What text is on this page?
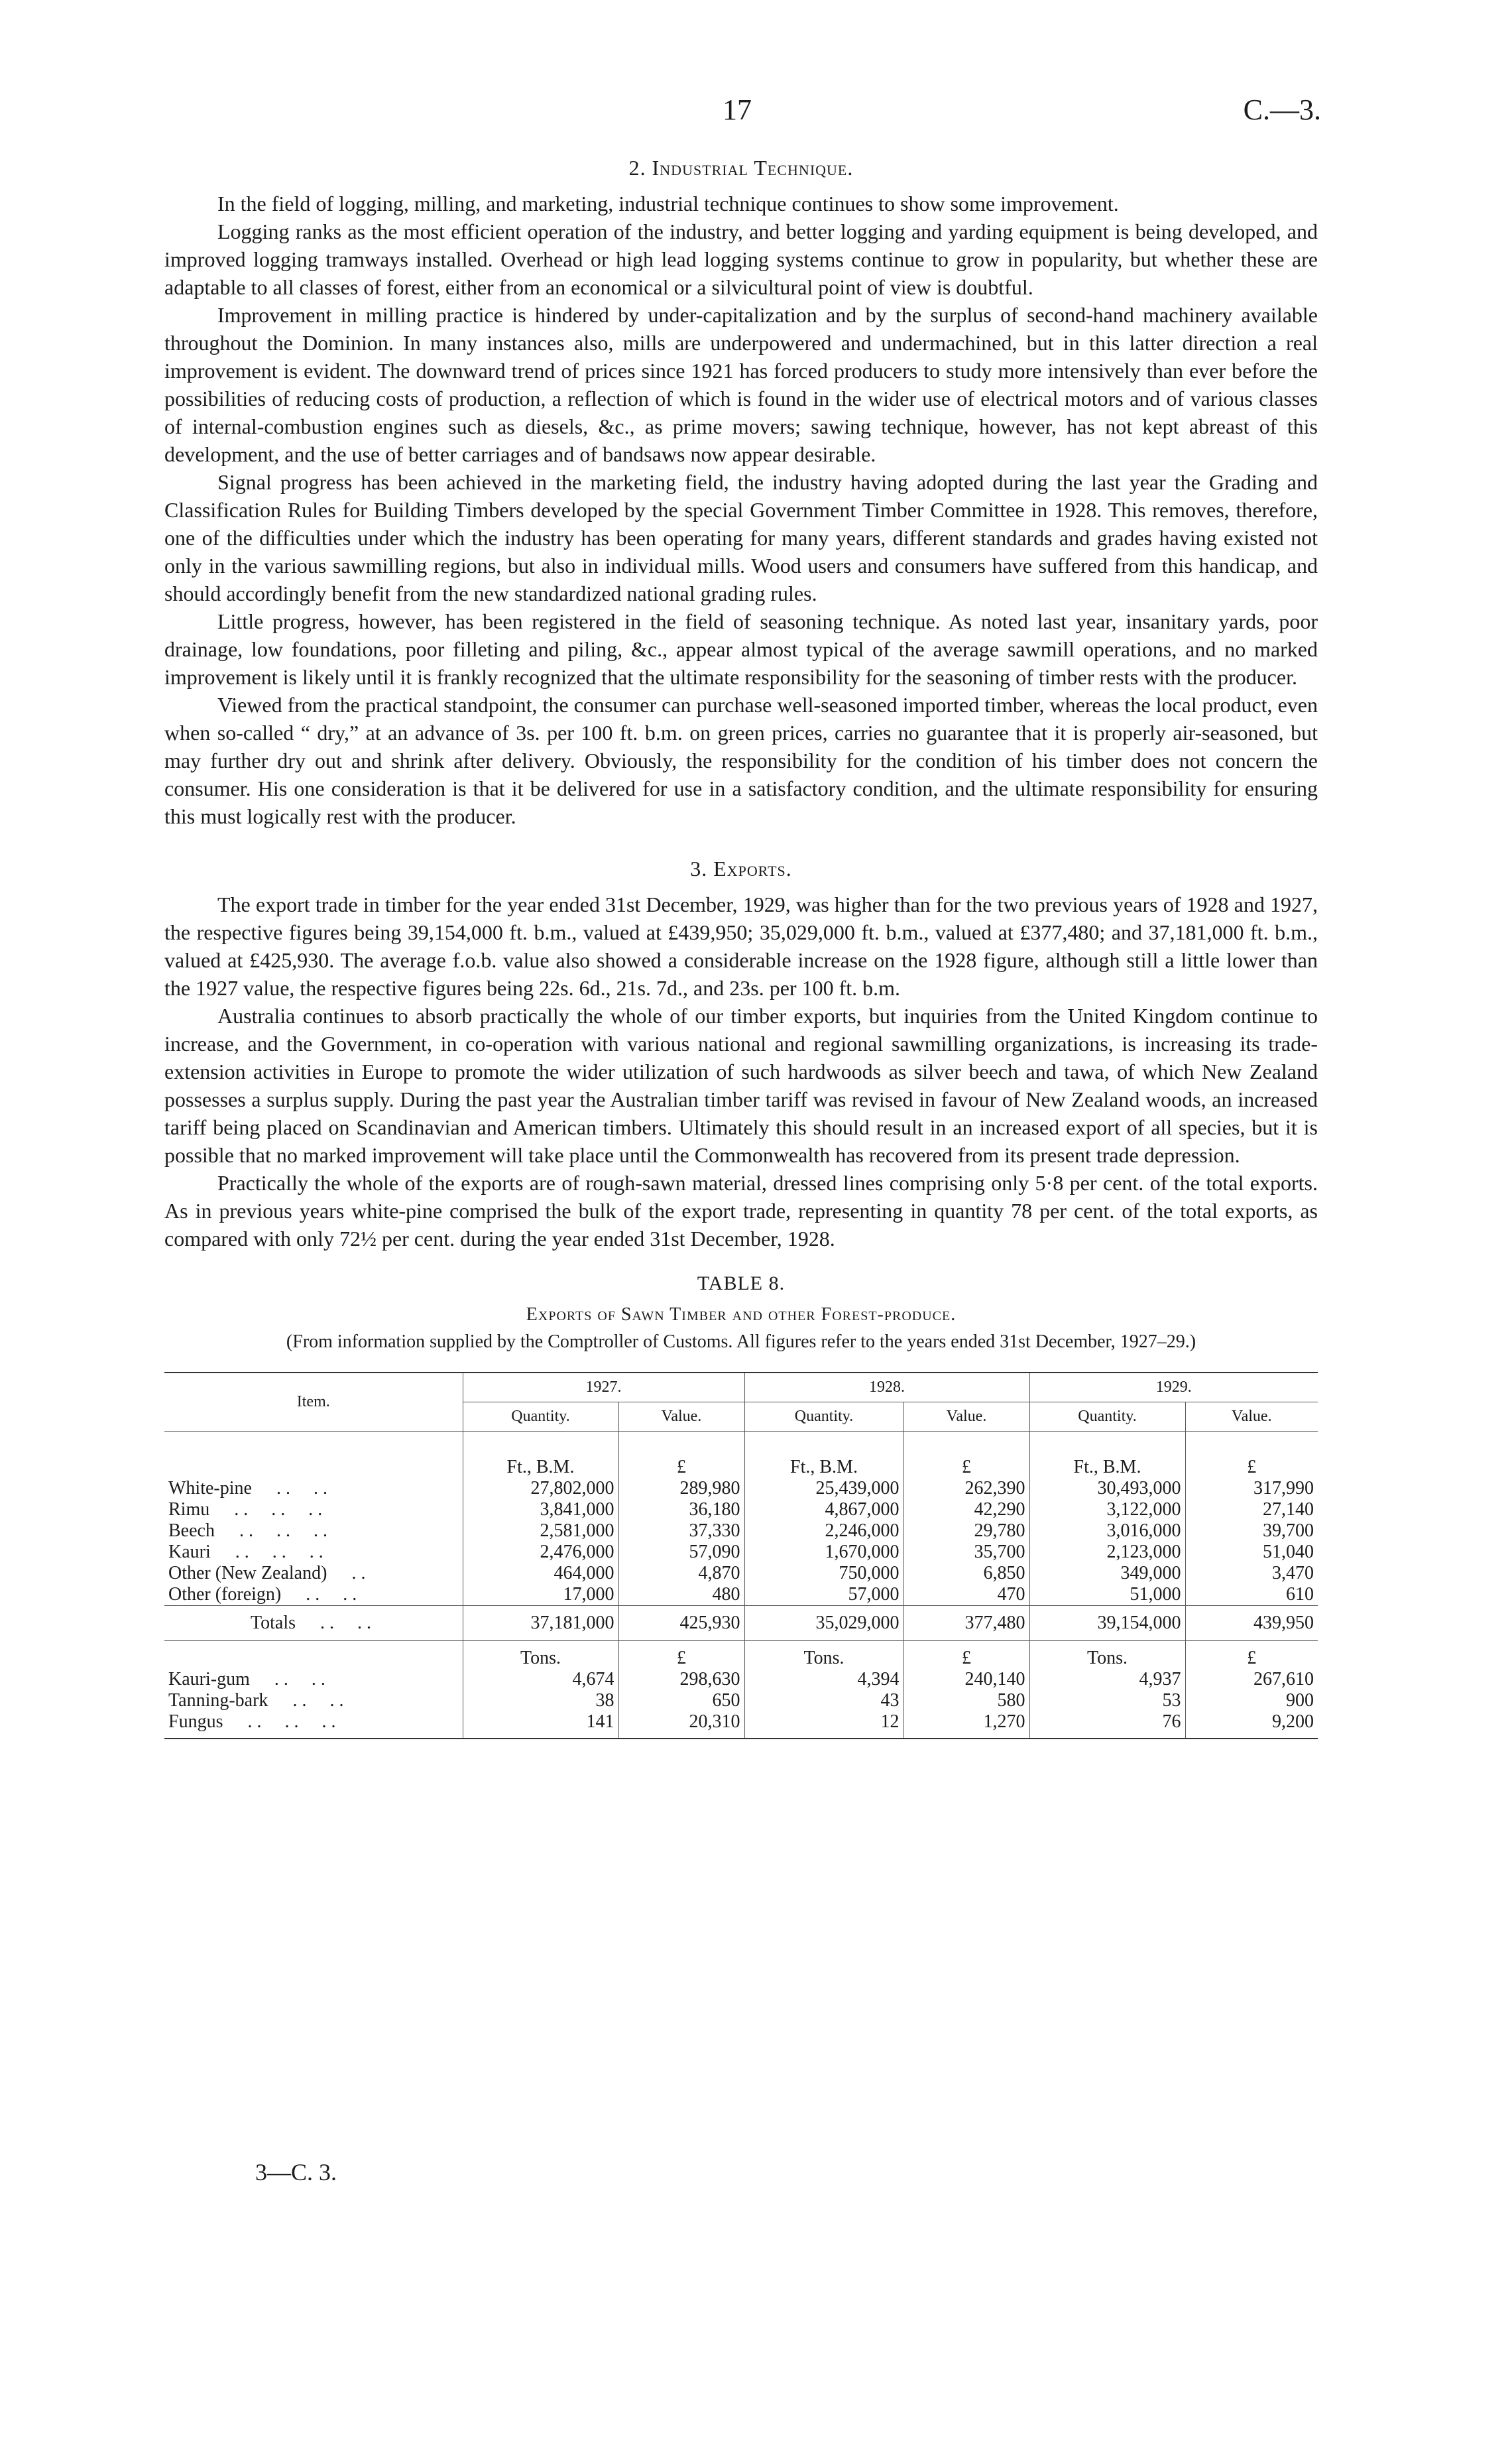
17	C.—3.
2. Industrial Technique.

In the field of logging, milling, and marketing, industrial technique continues to show some improvement.

Logging ranks as the most efficient operation of the industry, and better logging and yarding equipment is being developed, and improved logging tramways installed. Overhead or high lead logging systems continue to grow in popularity, but whether these are adaptable to all classes of forest, either from an economical or a silvicultural point of view is doubtful.

Improvement in milling practice is hindered by under-capitalization and by the surplus of second-hand machinery available throughout the Dominion. In many instances also, mills are underpowered and undermachined, but in this latter direction a real improvement is evident. The downward trend of prices since 1921 has forced producers to study more intensively than ever before the possibilities of reducing costs of production, a reflection of which is found in the wider use of electrical motors and of various classes of internal-combustion engines such as diesels, &c., as prime movers; sawing technique, however, has not kept abreast of this development, and the use of better carriages and of bandsaws now appear desirable.

Signal progress has been achieved in the marketing field, the industry having adopted during the last year the Grading and Classification Rules for Building Timbers developed by the special Government Timber Committee in 1928. This removes, therefore, one of the difficulties under which the industry has been operating for many years, different standards and grades having existed not only in the various sawmilling regions, but also in individual mills. Wood users and consumers have suffered from this handicap, and should accordingly benefit from the new standardized national grading rules.

Little progress, however, has been registered in the field of seasoning technique. As noted last year, insanitary yards, poor drainage, low foundations, poor filleting and piling, &c., appear almost typical of the average sawmill operations, and no marked improvement is likely until it is frankly recognized that the ultimate responsibility for the seasoning of timber rests with the producer.

Viewed from the practical standpoint, the consumer can purchase well-seasoned imported timber, whereas the local product, even when so-called “ dry,” at an advance of 3s. per 100 ft. b.m. on green prices, carries no guarantee that it is properly air-seasoned, but may further dry out and shrink after delivery. Obviously, the responsibility for the condition of his timber does not concern the consumer. His one consideration is that it be delivered for use in a satisfactory condition, and the ultimate responsibility for ensuring this must logically rest with the producer.

3. Exports.

The export trade in timber for the year ended 31st December, 1929, was higher than for the two previous years of 1928 and 1927, the respective figures being 39,154,000 ft. b.m., valued at £439,950; 35,029,000 ft. b.m., valued at £377,480; and 37,181,000 ft. b.m., valued at £425,930. The average f.o.b. value also showed a considerable increase on the 1928 figure, although still a little lower than the 1927 value, the respective figures being 22s. 6d., 21s. 7d., and 23s. per 100 ft. b.m.

Australia continues to absorb practically the whole of our timber exports, but inquiries from the United Kingdom continue to increase, and the Government, in co-operation with various national and regional sawmilling organizations, is increasing its trade-extension activities in Europe to promote the wider utilization of such hardwoods as silver beech and tawa, of which New Zealand possesses a surplus supply. During the past year the Australian timber tariff was revised in favour of New Zealand woods, an increased tariff being placed on Scandinavian and American timbers. Ultimately this should result in an increased export of all species, but it is possible that no marked improvement will take place until the Commonwealth has recovered from its present trade depression.

Practically the whole of the exports are of rough-sawn material, dressed lines comprising only 5·8 per cent. of the total exports. As in previous years white-pine comprised the bulk of the export trade, representing in quantity 78 per cent. of the total exports, as compared with only 72½ per cent. during the year ended 31st December, 1928.

TABLE 8.
Exports of Sawn Timber and other Forest-produce.
(From information supplied by the Comptroller of Customs. All figures refer to the years ended 31st December, 1927–29.)
Item.	1927.		1928.		1929.	
	Quantity.	Value.	Quantity.	Value.	Quantity.	Value.

	Ft., B.M.	£	Ft., B.M.	£	Ft., B.M.	£
White-pine . .     . .	27,802,000	289,980	25,439,000	262,390	30,493,000	317,990
Rimu . .     . .     . .	3,841,000	36,180	4,867,000	42,290	3,122,000	27,140
Beech . .     . .     . .	2,581,000	37,330	2,246,000	29,780	3,016,000	39,700
Kauri . .     . .     . .	2,476,000	57,090	1,670,000	35,700	2,123,000	51,040
Other (New Zealand) . .	464,000	4,870	750,000	6,850	349,000	3,470
Other (foreign) . .     . .	17,000	480	57,000	470	51,000	610
Totals . .     . .	37,181,000	425,930	35,029,000	377,480	39,154,000	439,950
	Tons.	£	Tons.	£	Tons.	£
Kauri-gum . .     . .	4,674	298,630	4,394	240,140	4,937	267,610
Tanning-bark . .     . .	38	650	43	580	53	900
Fungus . .     . .     . .	141	20,310	12	1,270	76	9,200
3—C. 3.
